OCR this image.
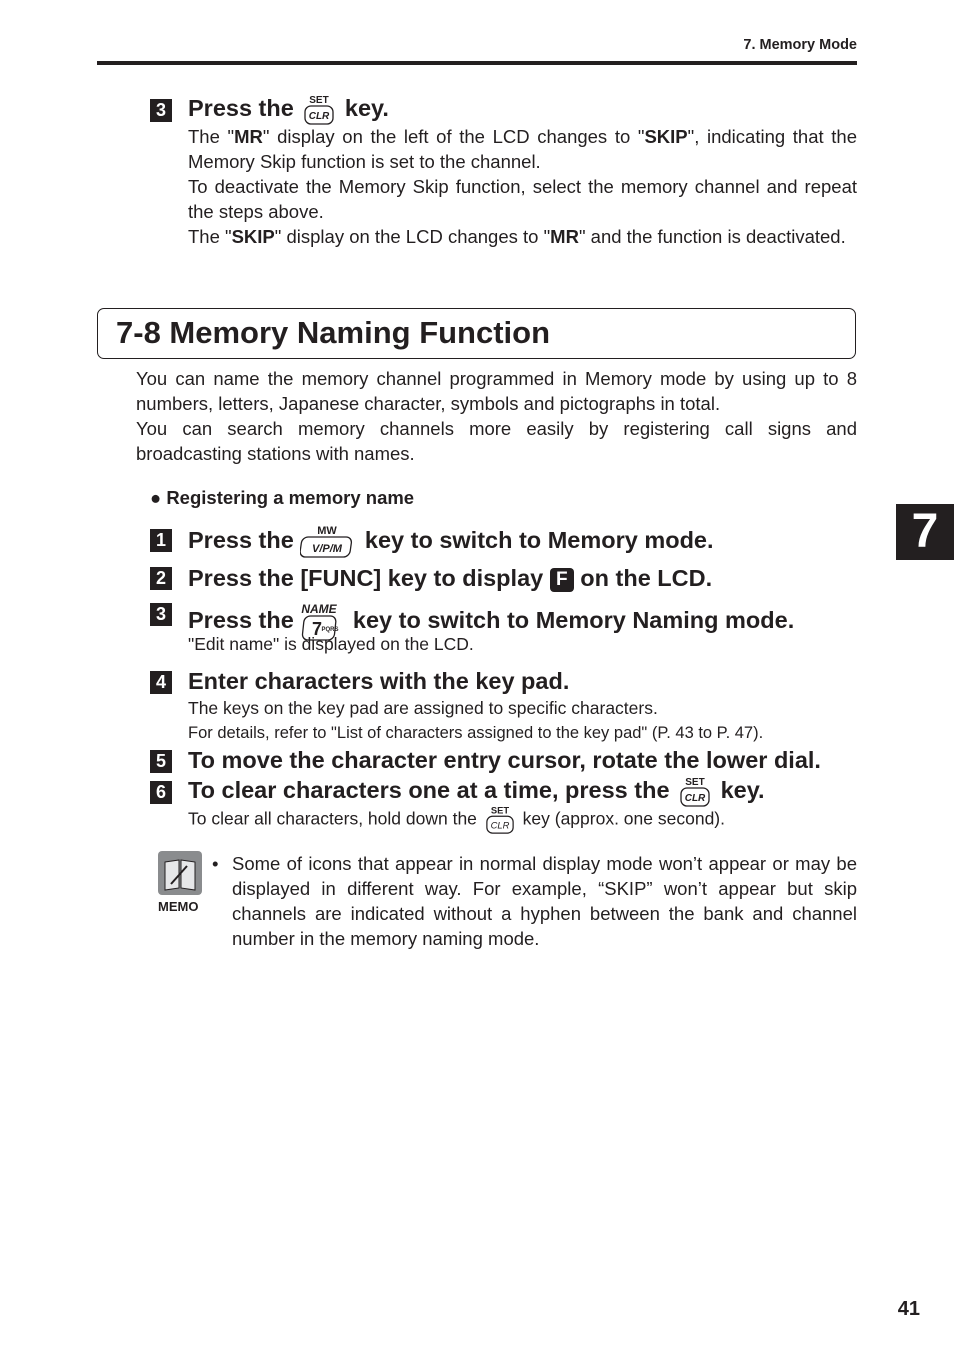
7. Memory Mode
3 Press the SET
CLR key.
The "MR" display on the left of the LCD changes to "SKIP", indicating that the Memory Skip function is set to the channel.
To deactivate the Memory Skip function, select the memory channel and repeat the steps above.
The "SKIP" display on the LCD changes to "MR" and the function is deactivated.
7-8 Memory Naming Function
You can name the memory channel programmed in Memory mode by using up to 8 numbers, letters, Japanese character, symbols and pictographs in total.
You can search memory channels more easily by registering call signs and broadcasting stations with names.
● Registering a memory name
1 Press the MW
V/P/M key to switch to Memory mode.
2 Press the [FUNC] key to display F on the LCD.
3 Press the NAME
7 PQRS key to switch to Memory Naming mode.
"Edit name" is displayed on the LCD.
4 Enter characters with the key pad.
The keys on the key pad are assigned to specific characters.
For details, refer to "List of characters assigned to the key pad" (P. 43 to P. 47).
5 To move the character entry cursor, rotate the lower dial.
6 To clear characters one at a time, press the SET
CLR key.
To clear all characters, hold down the SET
CLR key (approx. one second).
MEMO
• Some of icons that appear in normal display mode won’t appear or may be displayed in different way. For example, “SKIP” won’t appear but skip channels are indicated without a hyphen between the bank and channel number in the memory naming mode.
7
41
